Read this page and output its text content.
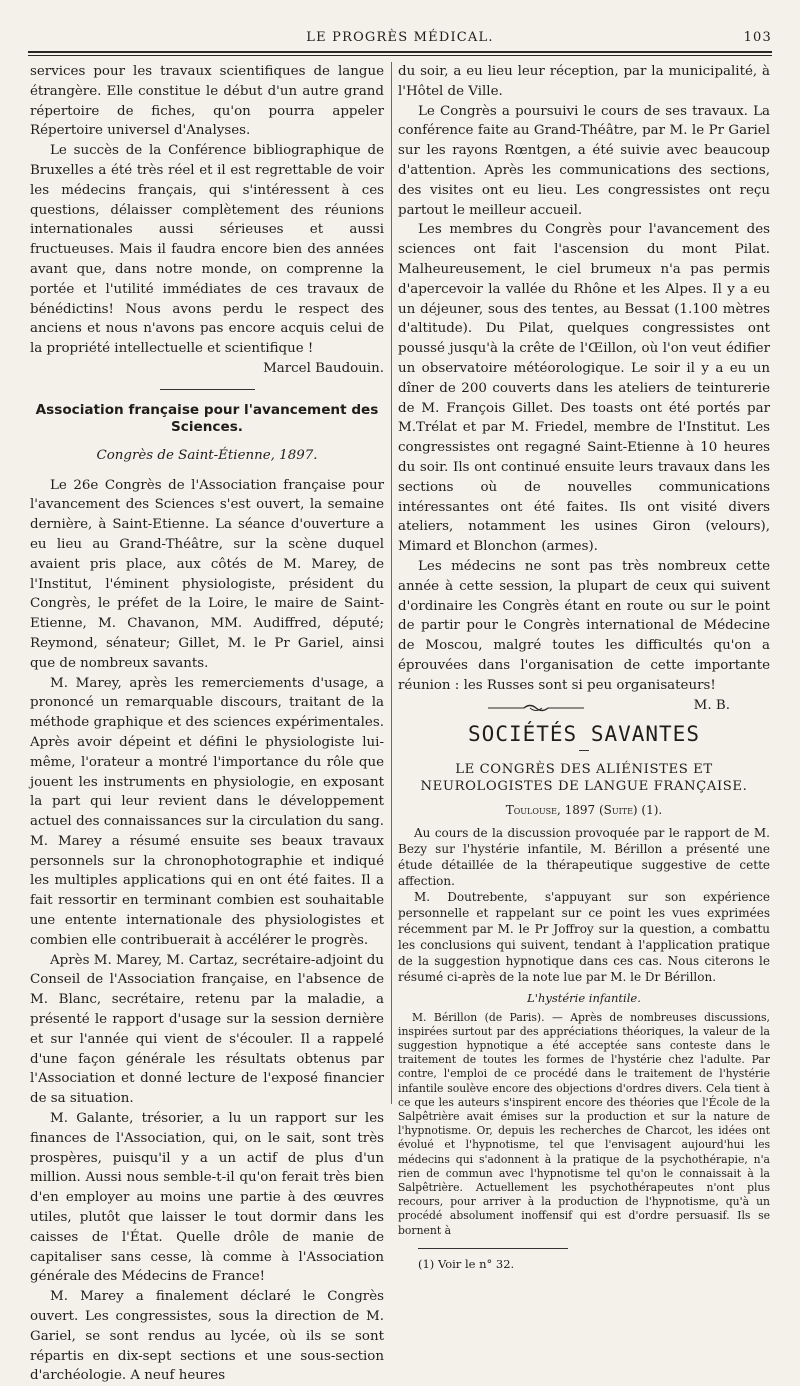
LE PROGRÈS MÉDICAL.	103

services pour les travaux scientifiques de langue étrangère. Elle constitue le début d'un autre grand répertoire de fiches, qu'on pourra appeler Répertoire universel d'Analyses.

Le succès de la Conférence bibliographique de Bruxelles a été très réel et il est regrettable de voir les médecins français, qui s'intéressent à ces questions, délaisser complètement des réunions internationales aussi sérieuses et aussi fructueuses. Mais il faudra encore bien des années avant que, dans notre monde, on comprenne la portée et l'utilité immédiates de ces travaux de bénédictins! Nous avons perdu le respect des anciens et nous n'avons pas encore acquis celui de la propriété intellectuelle et scientifique !

Marcel Baudouin.

Association française pour l'avancement des Sciences.
Congrès de Saint-Étienne, 1897.

Le 26e Congrès de l'Association française pour l'avancement des Sciences s'est ouvert, la semaine dernière, à Saint-Etienne. La séance d'ouverture a eu lieu au Grand-Théâtre, sur la scène duquel avaient pris place, aux côtés de M. Marey, de l'Institut, l'éminent physiologiste, président du Congrès, le préfet de la Loire, le maire de Saint-Etienne, M. Chavanon, MM. Audiffred, député; Reymond, sénateur; Gillet, M. le Pr Gariel, ainsi que de nombreux savants.

M. Marey, après les remerciements d'usage, a prononcé un remarquable discours, traitant de la méthode graphique et des sciences expérimentales. Après avoir dépeint et défini le physiologiste lui-même, l'orateur a montré l'importance du rôle que jouent les instruments en physiologie, en exposant la part qui leur revient dans le développement actuel des connaissances sur la circulation du sang. M. Marey a résumé ensuite ses beaux travaux personnels sur la chronophotographie et indiqué les multiples applications qui en ont été faites. Il a fait ressortir en terminant combien est souhaitable une entente internationale des physiologistes et combien elle contribuerait à accélérer le progrès.

Après M. Marey, M. Cartaz, secrétaire-adjoint du Conseil de l'Association française, en l'absence de M. Blanc, secrétaire, retenu par la maladie, a présenté le rapport d'usage sur la session dernière et sur l'année qui vient de s'écouler. Il a rappelé d'une façon générale les résultats obtenus par l'Association et donné lecture de l'exposé financier de sa situation.

M. Galante, trésorier, a lu un rapport sur les finances de l'Association, qui, on le sait, sont très prospères, puisqu'il y a un actif de plus d'un million. Aussi nous semble-t-il qu'on ferait très bien d'en employer au moins une partie à des œuvres utiles, plutôt que laisser le tout dormir dans les caisses de l'État. Quelle drôle de manie de capitaliser sans cesse, là comme à l'Association générale des Médecins de France!

M. Marey a finalement déclaré le Congrès ouvert. Les congressistes, sous la direction de M. Gariel, se sont rendus au lycée, où ils se sont répartis en dix-sept sections et une sous-section d'archéologie. A neuf heures

du soir, a eu lieu leur réception, par la municipalité, à l'Hôtel de Ville.

Le Congrès a poursuivi le cours de ses travaux. La conférence faite au Grand-Théâtre, par M. le Pr Gariel sur les rayons Rœntgen, a été suivie avec beaucoup d'attention. Après les communications des sections, des visites ont eu lieu. Les congressistes ont reçu partout le meilleur accueil.

Les membres du Congrès pour l'avancement des sciences ont fait l'ascension du mont Pilat. Malheureusement, le ciel brumeux n'a pas permis d'apercevoir la vallée du Rhône et les Alpes. Il y a eu un déjeuner, sous des tentes, au Bessat (1.100 mètres d'altitude). Du Pilat, quelques congressistes ont poussé jusqu'à la crête de l'Œillon, où l'on veut édifier un observatoire météorologique. Le soir il y a eu un dîner de 200 couverts dans les ateliers de teinturerie de M. François Gillet. Des toasts ont été portés par M.Trélat et par M. Friedel, membre de l'Institut. Les congressistes ont regagné Saint-Etienne à 10 heures du soir. Ils ont continué ensuite leurs travaux dans les sections où de nouvelles communications intéressantes ont été faites. Ils ont visité divers ateliers, notamment les usines Giron (velours), Mimard et Blonchon (armes).

Les médecins ne sont pas très nombreux cette année à cette session, la plupart de ceux qui suivent d'ordinaire les Congrès étant en route ou sur le point de partir pour le Congrès international de Médecine de Moscou, malgré toutes les difficultés qu'on a éprouvées dans l'organisation de cette importante réunion : les Russes sont si peu organisateurs!
M. B.

SOCIÉTÉS SAVANTES
LE CONGRÈS DES ALIÉNISTES ET NEUROLOGISTES DE LANGUE FRANÇAISE.
Toulouse, 1897 (Suite) (1).

Au cours de la discussion provoquée par le rapport de M. Bezy sur l'hystérie infantile, M. Bérillon a présenté une étude détaillée de la thérapeutique suggestive de cette affection.

M. Doutrebente, s'appuyant sur son expérience personnelle et rappelant sur ce point les vues exprimées récemment par M. le Pr Joffroy sur la question, a combattu les conclusions qui suivent, tendant à l'application pratique de la suggestion hypnotique dans ces cas. Nous citerons le résumé ci-après de la note lue par M. le Dr Bérillon.

L'hystérie infantile.

M. Bérillon (de Paris). — Après de nombreuses discussions, inspirées surtout par des appréciations théoriques, la valeur de la suggestion hypnotique a été acceptée sans conteste dans le traitement de toutes les formes de l'hystérie chez l'adulte. Par contre, l'emploi de ce procédé dans le traitement de l'hystérie infantile soulève encore des objections d'ordres divers. Cela tient à ce que les auteurs s'inspirent encore des théories que l'École de la Salpêtrière avait émises sur la production et sur la nature de l'hypnotisme. Or, depuis les recherches de Charcot, les idées ont évolué et l'hypnotisme, tel que l'envisagent aujourd'hui les médecins qui s'adonnent à la pratique de la psychothérapie, n'a rien de commun avec l'hypnotisme tel qu'on le connaissait à la Salpêtrière. Actuellement les psychothérapeutes n'ont plus recours, pour arriver à la production de l'hypnotisme, qu'à un procédé absolument inoffensif qui est d'ordre persuasif. Ils se bornent à

(1) Voir le n° 32.
